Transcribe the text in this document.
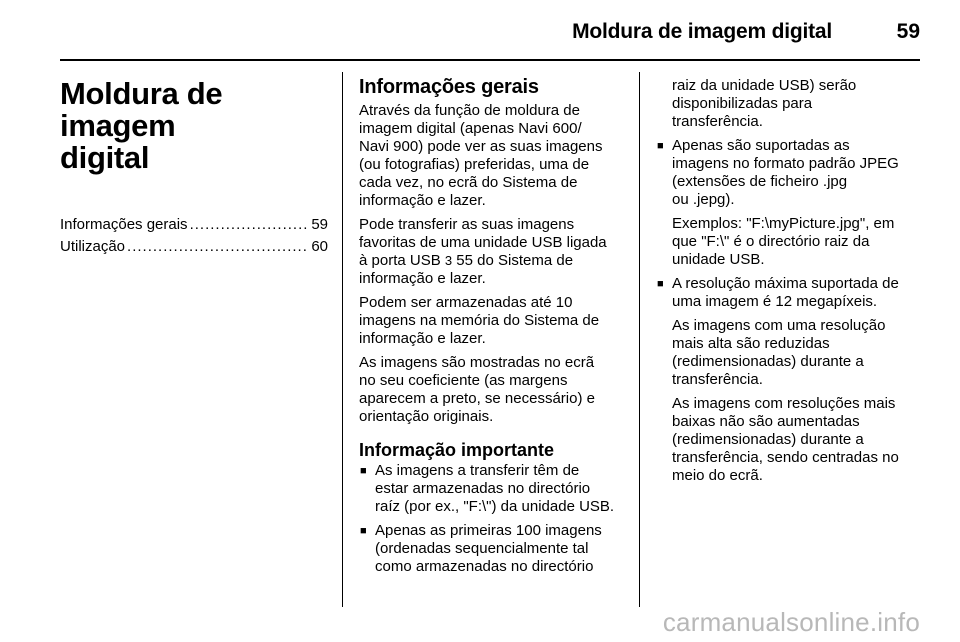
Moldura de imagem digital	59
Moldura de imagem
digital
Informações gerais .....	59
Utilização .....	60
Informações gerais
Através da função de moldura de
imagem digital (apenas Navi 600/
Navi 900) pode ver as suas imagens
(ou fotografias) preferidas, uma de
cada vez, no ecrã do Sistema de
informação e lazer.
Pode transferir as suas imagens
favoritas de uma unidade USB ligada
à porta USB 3 55 do Sistema de
informação e lazer.
Podem ser armazenadas até 10
imagens na memória do Sistema de
informação e lazer.
As imagens são mostradas no ecrã
no seu coeficiente (as margens
aparecem a preto, se necessário) e
orientação originais.
Informação importante
■ As imagens a transferir têm de
estar armazenadas no directório
raíz (por ex., "F:\") da unidade USB.
■ Apenas as primeiras 100 imagens
(ordenadas sequencialmente tal
como armazenadas no directório
raiz da unidade USB) serão
disponibilizadas para
transferência.
■ Apenas são suportadas as
imagens no formato padrão JPEG
(extensões de ficheiro .jpg
ou .jepg).
Exemplos: "F:\myPicture.jpg", em
que "F:\" é o directório raiz da
unidade USB.
■ A resolução máxima suportada de
uma imagem é 12 megapíxeis.
As imagens com uma resolução
mais alta são reduzidas
(redimensionadas) durante a
transferência.
As imagens com resoluções mais
baixas não são aumentadas
(redimensionadas) durante a
transferência, sendo centradas no
meio do ecrã.
carmanualsonline.info
